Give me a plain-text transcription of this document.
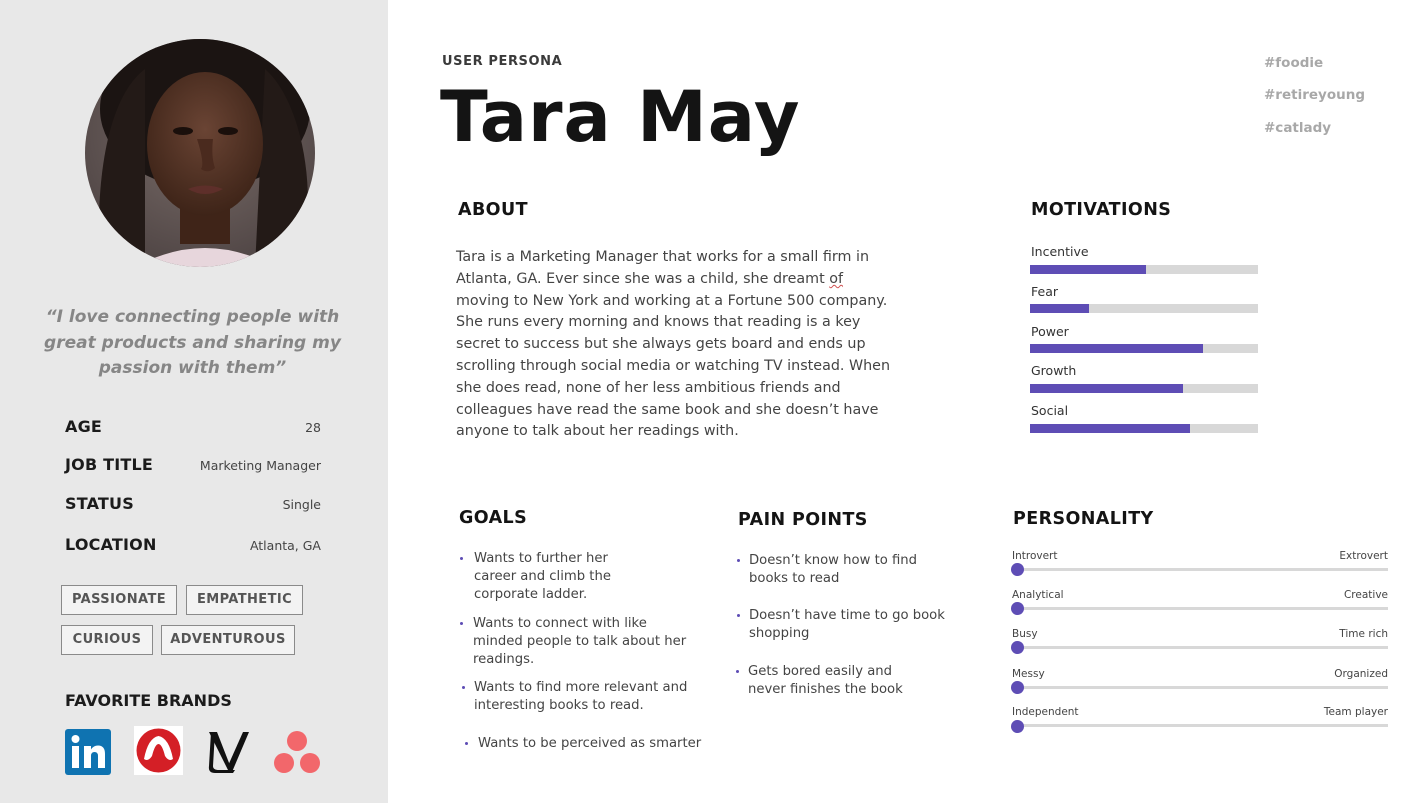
“I love connecting people with great products and sharing my passion with them”
AGE	28
JOB TITLE	Marketing Manager
STATUS	Single
LOCATION	Atlanta, GA
PASSIONATE	EMPATHETIC
CURIOUS	ADVENTUROUS
FAVORITE BRANDS
USER PERSONA
Tara May
#foodie
#retireyoung
#catlady
ABOUT
Tara is a Marketing Manager that works for a small firm in Atlanta, GA. Ever since she was a child, she dreamt of moving to New York and working at a Fortune 500 company. She runs every morning and knows that reading is a key secret to success but she always gets board and ends up scrolling through social media or watching TV instead. When she does read, none of her less ambitious friends and colleagues have read the same book and she doesn’t have anyone to talk about her readings with.
MOTIVATIONS
Incentive
Fear
Power
Growth
Social
GOALS
Wants to further her career and climb the corporate ladder.
Wants to connect with like minded people to talk about her readings.
Wants to find more relevant and interesting books to read.
Wants to be perceived as smarter
PAIN POINTS
Doesn’t know how to find books to read
Doesn’t have time to go book shopping
Gets bored easily and never finishes the book
PERSONALITY
Introvert	Extrovert
Analytical	Creative
Busy	Time rich
Messy	Organized
Independent	Team player
